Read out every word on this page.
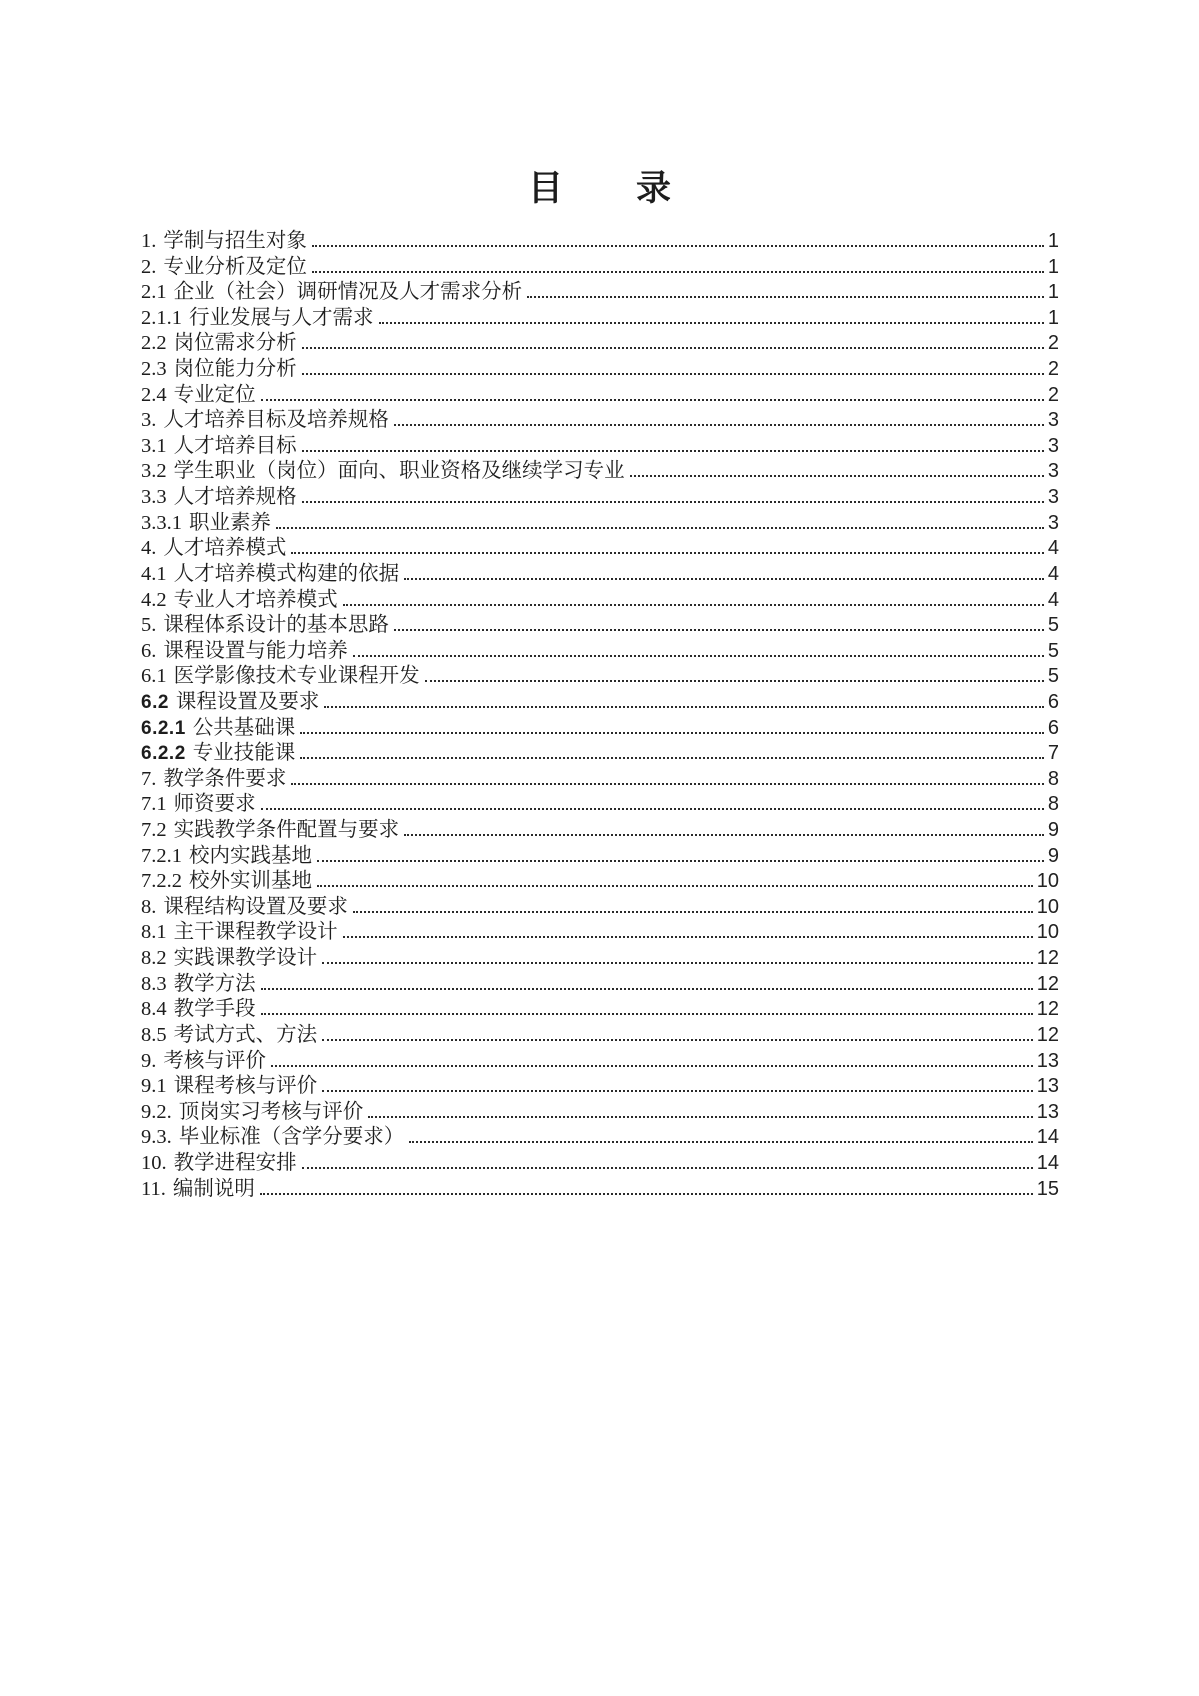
目　　录
1. 学制与招生对象	1
2. 专业分析及定位	1
2.1 企业（社会）调研情况及人才需求分析	1
2.1.1 行业发展与人才需求	1
2.2 岗位需求分析	2
2.3 岗位能力分析	2
2.4 专业定位	2
3. 人才培养目标及培养规格	3
3.1 人才培养目标	3
3.2 学生职业（岗位）面向、职业资格及继续学习专业	3
3.3 人才培养规格	3
3.3.1 职业素养	3
4. 人才培养模式	4
4.1 人才培养模式构建的依据	4
4.2 专业人才培养模式	4
5. 课程体系设计的基本思路	5
6. 课程设置与能力培养	5
6.1 医学影像技术专业课程开发	5
6.2 课程设置及要求	6
6.2.1 公共基础课	6
6.2.2 专业技能课	7
7. 教学条件要求	8
7.1 师资要求	8
7.2 实践教学条件配置与要求	9
7.2.1 校内实践基地	9
7.2.2 校外实训基地	10
8. 课程结构设置及要求	10
8.1 主干课程教学设计	10
8.2 实践课教学设计	12
8.3 教学方法	12
8.4 教学手段	12
8.5 考试方式、方法	12
9. 考核与评价	13
9.1 课程考核与评价	13
9.2. 顶岗实习考核与评价	13
9.3. 毕业标准（含学分要求）	14
10. 教学进程安排	14
11. 编制说明	15
